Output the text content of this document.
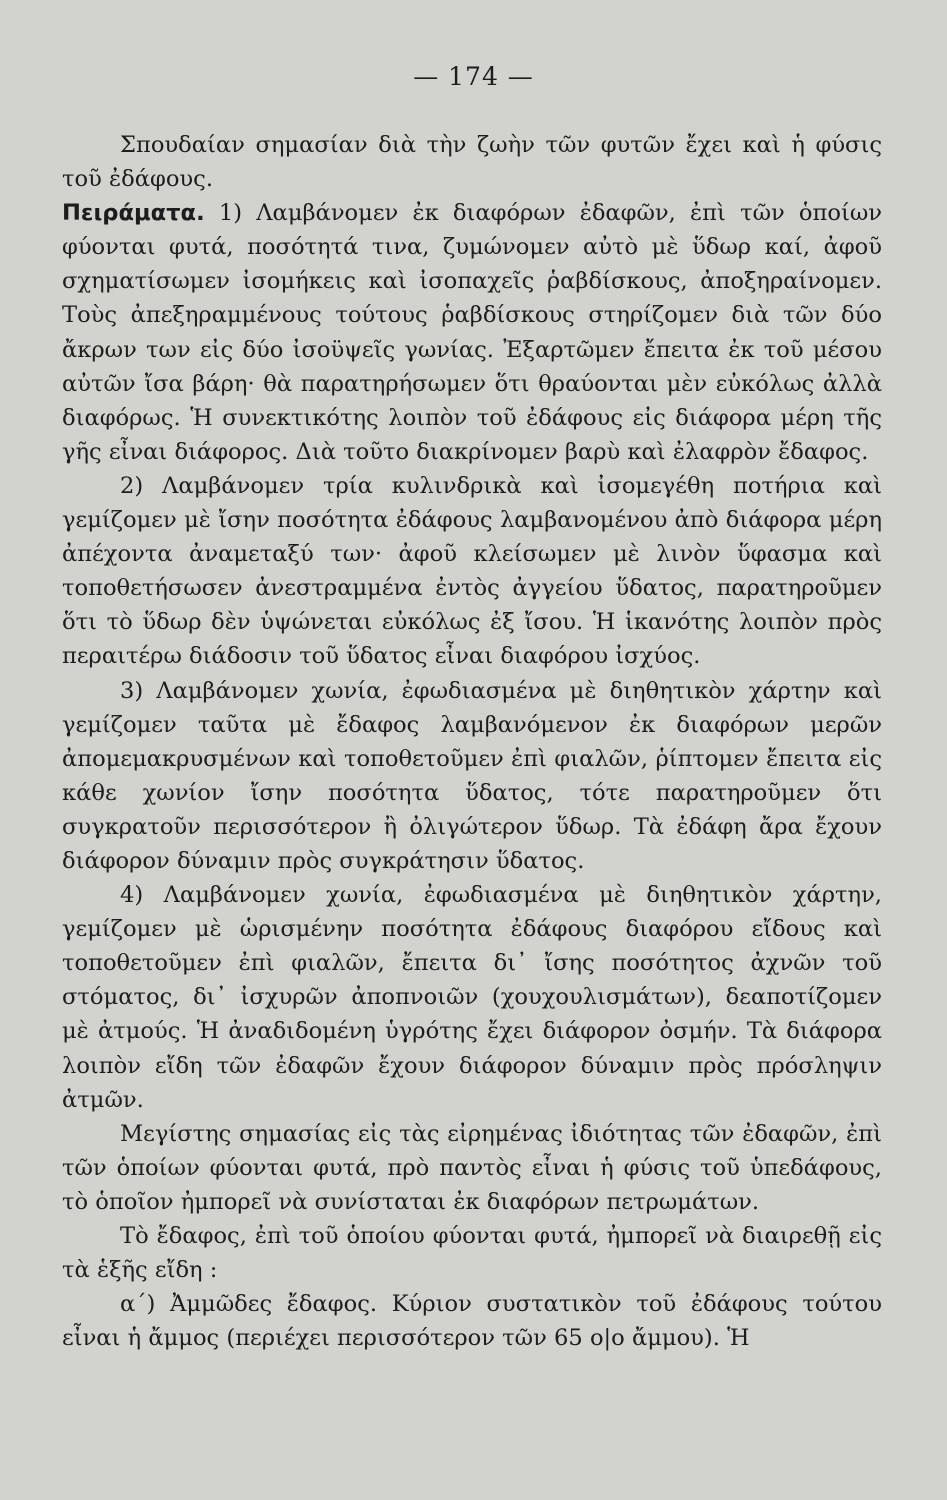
— 174 —

Σπουδαίαν σημασίαν διὰ τὴν ζωὴν τῶν φυτῶν ἔχει καὶ ἡ φύσις τοῦ ἐδάφους.

Πειράματα. 1) Λαμβάνομεν ἐκ διαφόρων ἐδαφῶν, ἐπὶ τῶν ὁποίων φύονται φυτά, ποσότητά τινα, ζυμώνομεν αὐτὸ μὲ ὕδωρ καί, ἀφοῦ σχηματίσωμεν ἰσομήκεις καὶ ἰσοπαχεῖς ῥαβδίσκους, ἀποξηραίνομεν. Τοὺς ἀπεξηραμμένους τούτους ῥαβδίσκους στηρίζομεν διὰ τῶν δύο ἄκρων των εἰς δύο ἰσοϋψεῖς γωνίας. Ἐξαρτῶμεν ἔπειτα ἐκ τοῦ μέσου αὐτῶν ἴσα βάρη· θὰ παρατηρήσωμεν ὅτι θραύονται μὲν εὐκόλως ἀλλὰ διαφόρως. Ἡ συνεκτικότης λοιπὸν τοῦ ἐδάφους εἰς διάφορα μέρη τῆς γῆς εἶναι διάφορος. Διὰ τοῦτο διακρίνομεν βαρὺ καὶ ἐλαφρὸν ἔδαφος.

2) Λαμβάνομεν τρία κυλινδρικὰ καὶ ἰσομεγέθη ποτήρια καὶ γεμίζομεν μὲ ἴσην ποσότητα ἐδάφους λαμβανομένου ἀπὸ διάφορα μέρη ἀπέχοντα ἀναμεταξύ των· ἀφοῦ κλείσωμεν μὲ λινὸν ὕφασμα καὶ τοποθετήσωσεν ἀνεστραμμένα ἐντὸς ἀγγείου ὕδατος, παρατηροῦμεν ὅτι τὸ ὕδωρ δὲν ὑψώνεται εὐκόλως ἐξ ἴσου. Ἡ ἱκανότης λοιπὸν πρὸς περαιτέρω διάδοσιν τοῦ ὕδατος εἶναι διαφόρου ἰσχύος.

3) Λαμβάνομεν χωνία, ἐφωδιασμένα μὲ διηθητικὸν χάρτην καὶ γεμίζομεν ταῦτα μὲ ἔδαφος λαμβανόμενον ἐκ διαφόρων μερῶν ἀπομεμακρυσμένων καὶ τοποθετοῦμεν ἐπὶ φιαλῶν, ῥίπτομεν ἔπειτα εἰς κάθε χωνίον ἴσην ποσότητα ὕδατος, τότε παρατηροῦμεν ὅτι συγκρατοῦν περισσότερον ἢ ὀλιγώτερον ὕδωρ. Τὰ ἐδάφη ἄρα ἔχουν διάφορον δύναμιν πρὸς συγκράτησιν ὕδατος.

4) Λαμβάνομεν χωνία, ἐφωδιασμένα μὲ διηθητικὸν χάρτην, γεμίζομεν μὲ ὡρισμένην ποσότητα ἐδάφους διαφόρου εἴδους καὶ τοποθετοῦμεν ἐπὶ φιαλῶν, ἔπειτα δι᾿ ἴσης ποσότητος ἀχνῶν τοῦ στόματος, δι᾿ ἰσχυρῶν ἀποπνοιῶν (χουχουλισμάτων), δεαποτίζομεν μὲ ἀτμούς. Ἡ ἀναδιδομένη ὑγρότης ἔχει διάφορον ὀσμήν. Τὰ διάφορα λοιπὸν εἴδη τῶν ἐδαφῶν ἔχουν διάφορον δύναμιν πρὸς πρόσληψιν ἀτμῶν.

Μεγίστης σημασίας εἰς τὰς εἰρημένας ἰδιότητας τῶν ἐδαφῶν, ἐπὶ τῶν ὁποίων φύονται φυτά, πρὸ παντὸς εἶναι ἡ φύσις τοῦ ὑπεδάφους, τὸ ὁποῖον ἠμπορεῖ νὰ συνίσταται ἐκ διαφόρων πετρωμάτων.

Τὸ ἔδαφος, ἐπὶ τοῦ ὁποίου φύονται φυτά, ἠμπορεῖ νὰ διαιρεθῇ εἰς τὰ ἑξῆς εἴδη :

α΄) Ἀμμῶδες ἔδαφος. Κύριον συστατικὸν τοῦ ἐδάφους τούτου εἶναι ἡ ἄμμος (περιέχει περισσότερον τῶν 65 ο|ο ἄμμου). Ἡ
